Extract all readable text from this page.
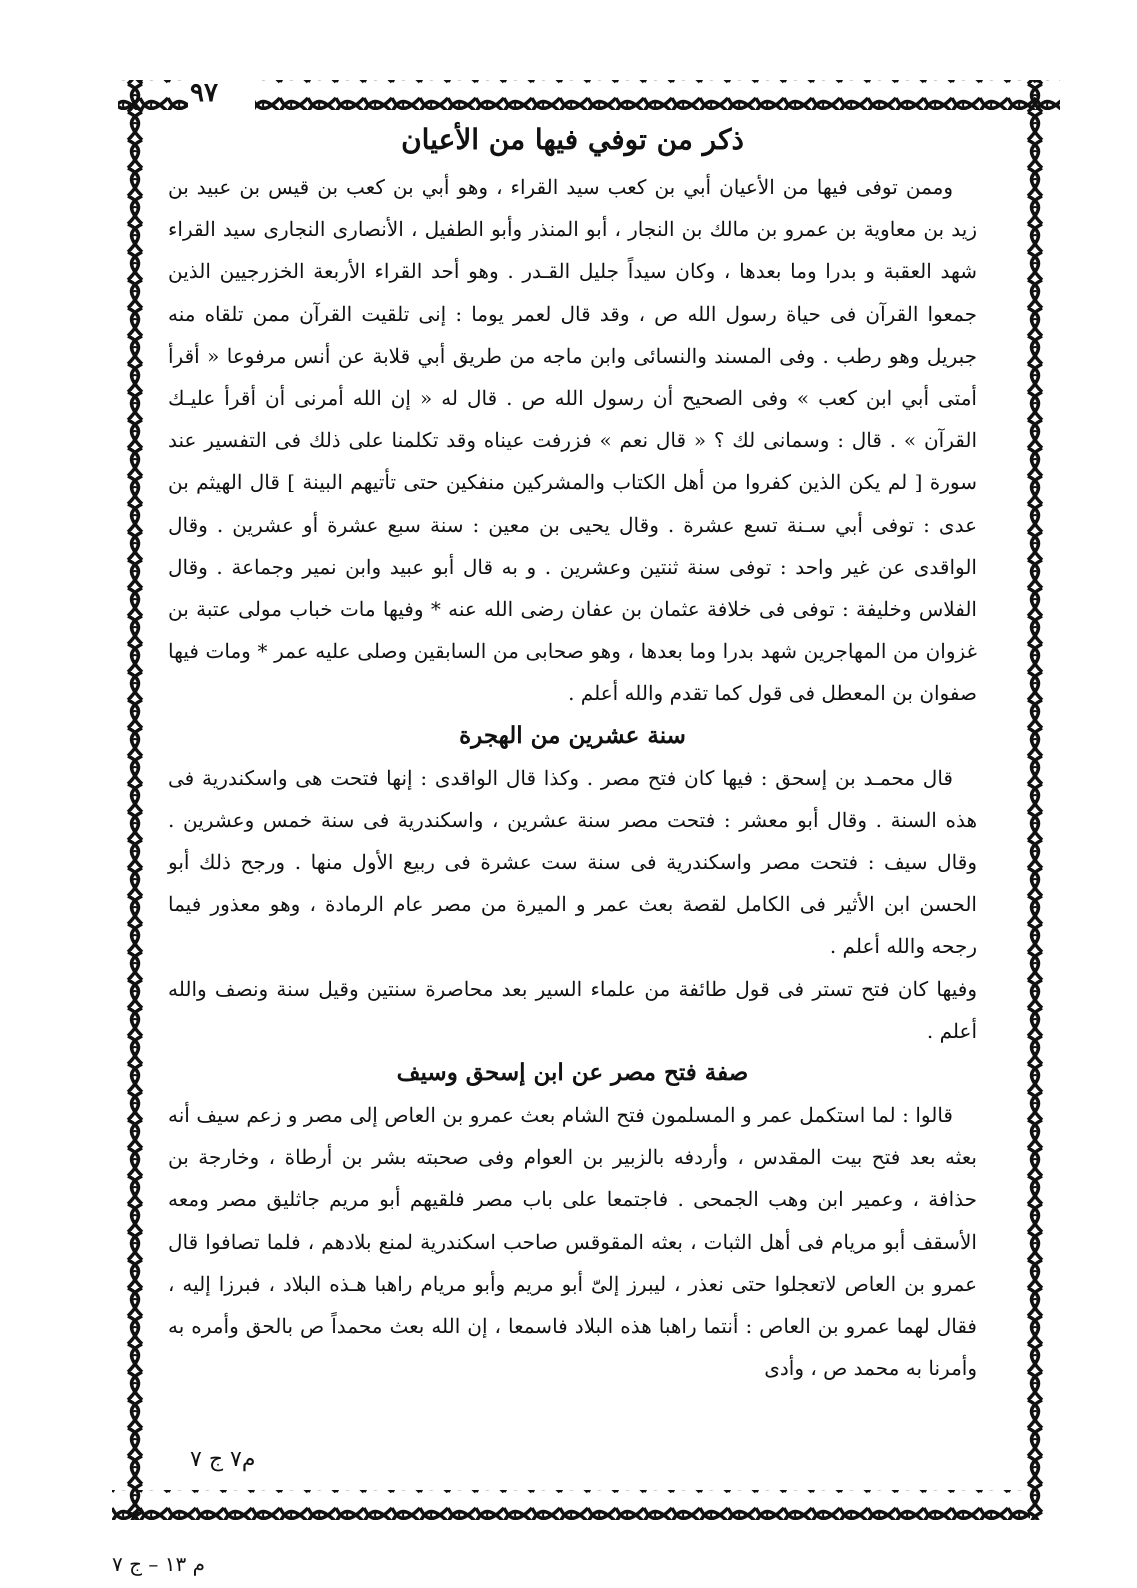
٩٧
ذكر من توفي فيها من الأعيان

وممن توفى فيها من الأعيان أبي بن كعب سيد القراء ، وهو أبي بن كعب بن قيس بن عبيد بن زيد بن معاوية بن عمرو بن مالك بن النجار ، أبو المنذر وأبو الطفيل ، الأنصارى النجارى سيد القراء شهد العقبة و بدرا وما بعدها ، وكان سيداً جليل القـدر . وهو أحد القراء الأربعة الخزرجيين الذين جمعوا القرآن فى حياة رسول الله ص ، وقد قال لعمر يوما : إنى تلقيت القرآن ممن تلقاه منه جبريل وهو رطب . وفى المسند والنسائى وابن ماجه من طريق أبي قلابة عن أنس مرفوعا « أقرأ أمتى أبي ابن كعب » وفى الصحيح أن رسول الله ص . قال له « إن الله أمرنى أن أقرأ عليـك القرآن » . قال : وسمانى لك ؟ « قال نعم » فزرفت عيناه وقد تكلمنا على ذلك فى التفسير عند سورة [ لم يكن الذين كفروا من أهل الكتاب والمشركين منفكين حتى تأتيهم البينة ] قال الهيثم بن عدى : توفى أبي سـنة تسع عشرة . وقال يحيى بن معين : سنة سبع عشرة أو عشرين . وقال الواقدى عن غير واحد : توفى سنة ثنتين وعشرين . و به قال أبو عبيد وابن نمير وجماعة . وقال الفلاس وخليفة : توفى فى خلافة عثمان بن عفان رضى الله عنه * وفيها مات خباب مولى عتبة بن غزوان من المهاجرين شهد بدرا وما بعدها ، وهو صحابى من السابقين وصلى عليه عمر * ومات فيها صفوان بن المعطل فى قول كما تقدم والله أعلم .

سنة عشرين من الهجرة

قال محمـد بن إسحق : فيها كان فتح مصر . وكذا قال الواقدى : إنها فتحت هى واسكندرية فى هذه السنة . وقال أبو معشر : فتحت مصر سنة عشرين ، واسكندرية فى سنة خمس وعشرين . وقال سيف : فتحت مصر واسكندرية فى سنة ست عشرة فى ربيع الأول منها . ورجح ذلك أبو الحسن ابن الأثير فى الكامل لقصة بعث عمر و الميرة من مصر عام الرمادة ، وهو معذور فيما رجحه والله أعلم .

وفيها كان فتح تستر فى قول طائفة من علماء السير بعد محاصرة سنتين وقيل سنة ونصف والله أعلم .

صفة فتح مصر عن ابن إسحق وسيف

قالوا : لما استكمل عمر و المسلمون فتح الشام بعث عمرو بن العاص إلى مصر و زعم سيف أنه بعثه بعد فتح بيت المقدس ، وأردفه بالزبير بن العوام وفى صحبته بشر بن أرطاة ، وخارجة بن حذافة ، وعمير ابن وهب الجمحى . فاجتمعا على باب مصر فلقيهم أبو مريم جاثليق مصر ومعه الأسقف أبو مريام فى أهل الثبات ، بعثه المقوقس صاحب اسكندرية لمنع بلادهم ، فلما تصافوا قال عمرو بن العاص لاتعجلوا حتى نعذر ، ليبرز إلىّ أبو مريم وأبو مريام راهبا هـذه البلاد ، فبرزا إليه ، فقال لهما عمرو بن العاص : أنتما راهبا هذه البلاد فاسمعا ، إن الله بعث محمداً ص بالحق وأمره به وأمرنا به محمد ص ، وأدى

م٧ ج ٧
م ١٣ – ج ٧
